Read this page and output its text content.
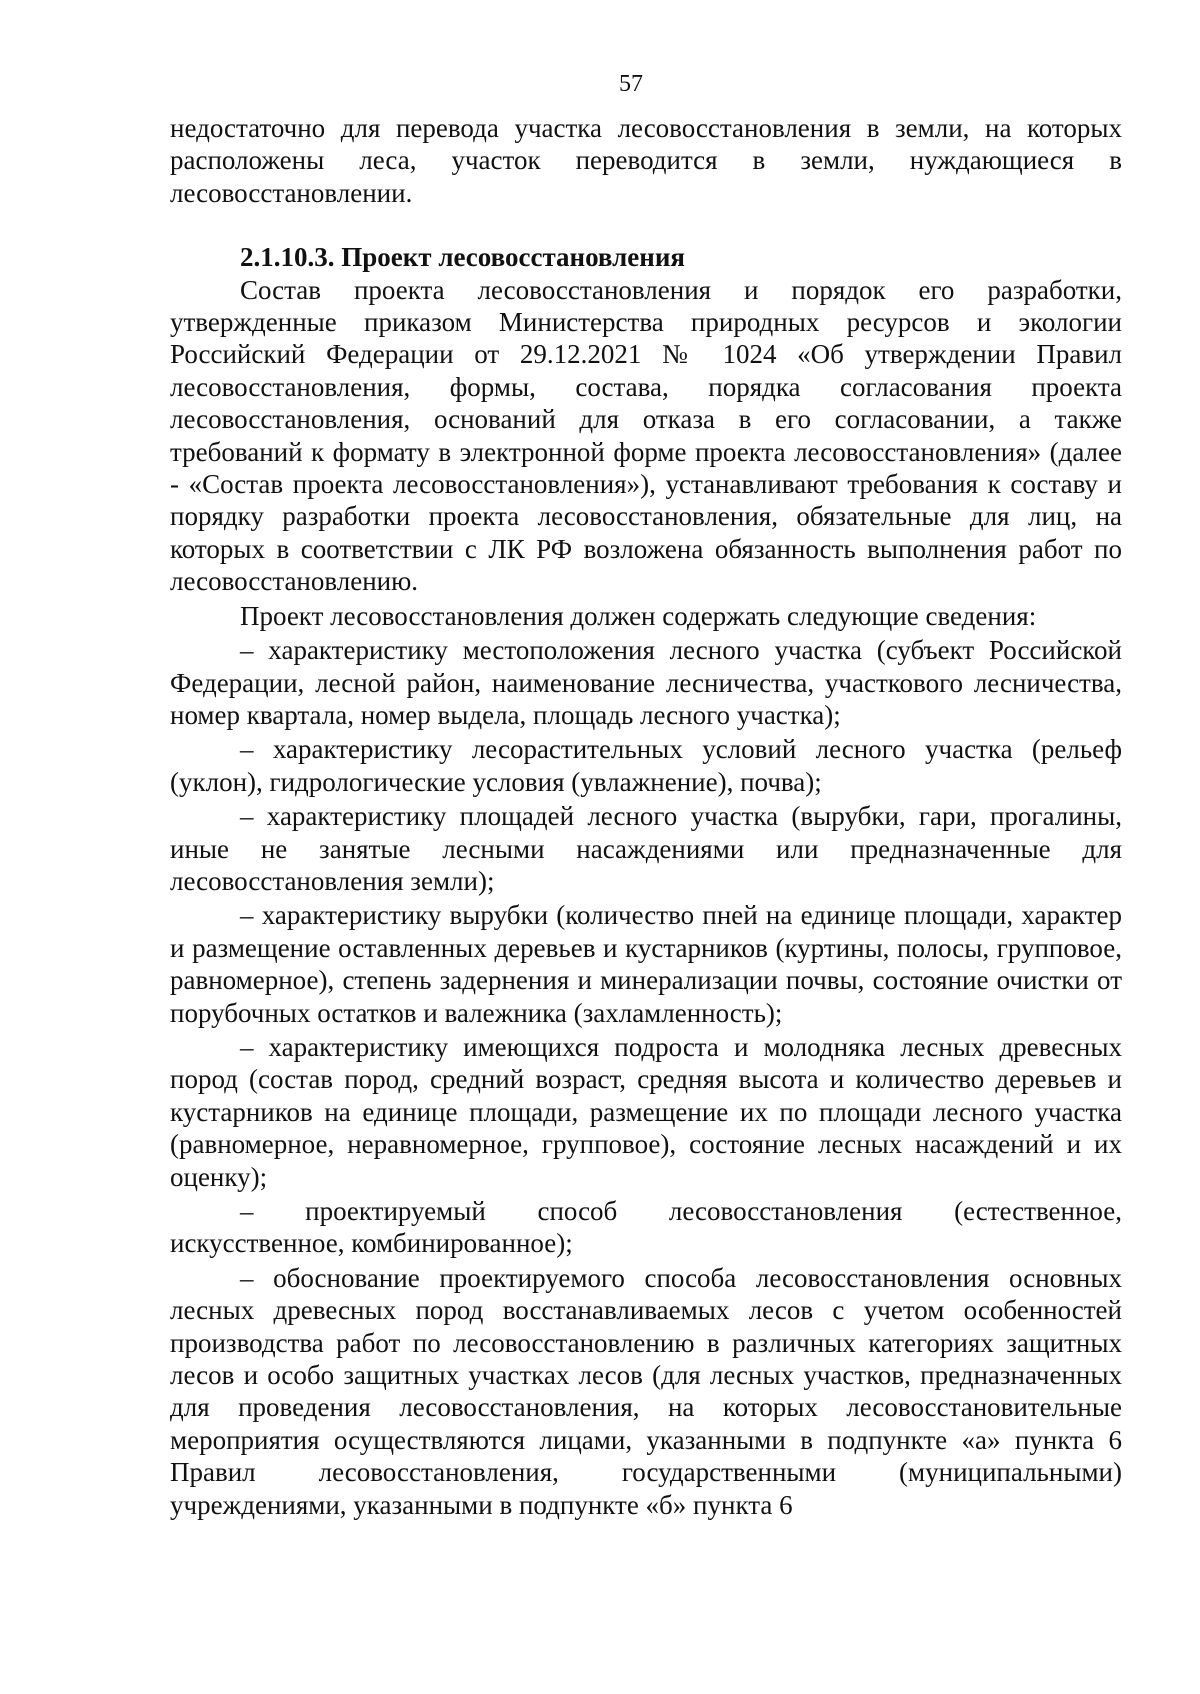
57

недостаточно для перевода участка лесовосстановления в земли, на которых расположены леса, участок переводится в земли, нуждающиеся в лесовосстановлении.

2.1.10.3. Проект лесовосстановления

Состав проекта лесовосстановления и порядок его разработки, утвержденные приказом Министерства природных ресурсов и экологии Российский Федерации от 29.12.2021 № 1024 «Об утверждении Правил лесовосстановления, формы, состава, порядка согласования проекта лесовосстановления, оснований для отказа в его согласовании, а также требований к формату в электронной форме проекта лесовосстановления» (далее - «Состав проекта лесовосстановления»), устанавливают требования к составу и порядку разработки проекта лесовосстановления, обязательные для лиц, на которых в соответствии с ЛК РФ возложена обязанность выполнения работ по лесовосстановлению.

Проект лесовосстановления должен содержать следующие сведения:

– характеристику местоположения лесного участка (субъект Российской Федерации, лесной район, наименование лесничества, участкового лесничества, номер квартала, номер выдела, площадь лесного участка);

– характеристику лесорастительных условий лесного участка (рельеф (уклон), гидрологические условия (увлажнение), почва);

– характеристику площадей лесного участка (вырубки, гари, прогалины, иные не занятые лесными насаждениями или предназначенные для лесовосстановления земли);

– характеристику вырубки (количество пней на единице площади, характер и размещение оставленных деревьев и кустарников (куртины, полосы, групповое, равномерное), степень задернения и минерализации почвы, состояние очистки от порубочных остатков и валежника (захламленность);

– характеристику имеющихся подроста и молодняка лесных древесных пород (состав пород, средний возраст, средняя высота и количество деревьев и кустарников на единице площади, размещение их по площади лесного участка (равномерное, неравномерное, групповое), состояние лесных насаждений и их оценку);

– проектируемый способ лесовосстановления (естественное, искусственное, комбинированное);

– обоснование проектируемого способа лесовосстановления основных лесных древесных пород восстанавливаемых лесов с учетом особенностей производства работ по лесовосстановлению в различных категориях защитных лесов и особо защитных участках лесов (для лесных участков, предназначенных для проведения лесовосстановления, на которых лесовосстановительные мероприятия осуществляются лицами, указанными в подпункте «а» пункта 6 Правил лесовосстановления, государственными (муниципальными) учреждениями, указанными в подпункте «б» пункта 6
